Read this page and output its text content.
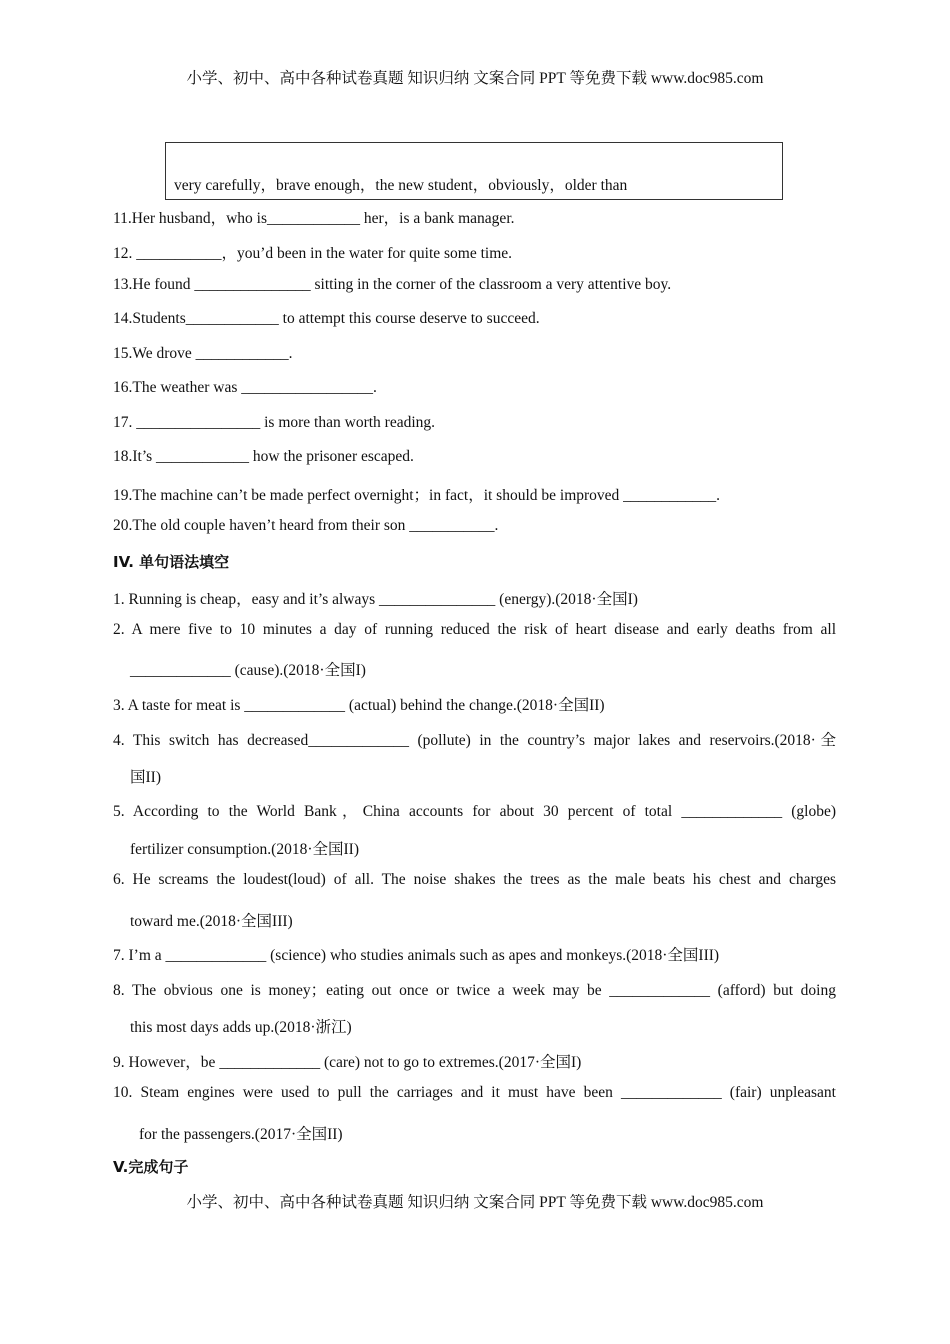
小学、初中、高中各种试卷真题 知识归纳 文案合同 PPT 等免费下载 www.doc985.com
very carefully，brave enough，the new student，obviously，older than
11.Her husband，who is____________ her，is a bank manager.
12. ___________，you’d been in the water for quite some time.
13.He found _______________ sitting in the corner of the classroom a very attentive boy.
14.Students____________ to attempt this course deserve to succeed.
15.We drove ____________.
16.The weather was _________________.
17. ________________ is more than worth reading.
18.It’s ____________ how the prisoner escaped.
19.The machine can’t be made perfect overnight；in fact，it should be improved ____________.
20.The old couple haven’t heard from their son ___________.
IV. 单句语法填空
1. Running is cheap，easy and it’s always _______________ (energy).(2018·全国I)
2. A mere five to 10 minutes a day of running reduced the risk of heart disease and early deaths from all
_____________ (cause).(2018·全国I)
3. A taste for meat is _____________ (actual) behind the change.(2018·全国II)
4. This switch has decreased_____________ (pollute) in the country’s major lakes and reservoirs.(2018·全
国II)
5. According to the World Bank，China accounts for about 30 percent of total _____________ (globe)
fertilizer consumption.(2018·全国II)
6. He screams the loudest(loud) of all. The noise shakes the trees as the male beats his chest and charges
toward me.(2018·全国III)
7. I’m a _____________ (science) who studies animals such as apes and monkeys.(2018·全国III)
8. The obvious one is money；eating out once or twice a week may be _____________ (afford) but doing
this most days adds up.(2018·浙江)
9. However，be _____________ (care) not to go to extremes.(2017·全国I)
10. Steam engines were used to pull the carriages and it must have been _____________ (fair) unpleasant
for the passengers.(2017·全国II)
V.完成句子
小学、初中、高中各种试卷真题 知识归纳 文案合同 PPT 等免费下载 www.doc985.com
